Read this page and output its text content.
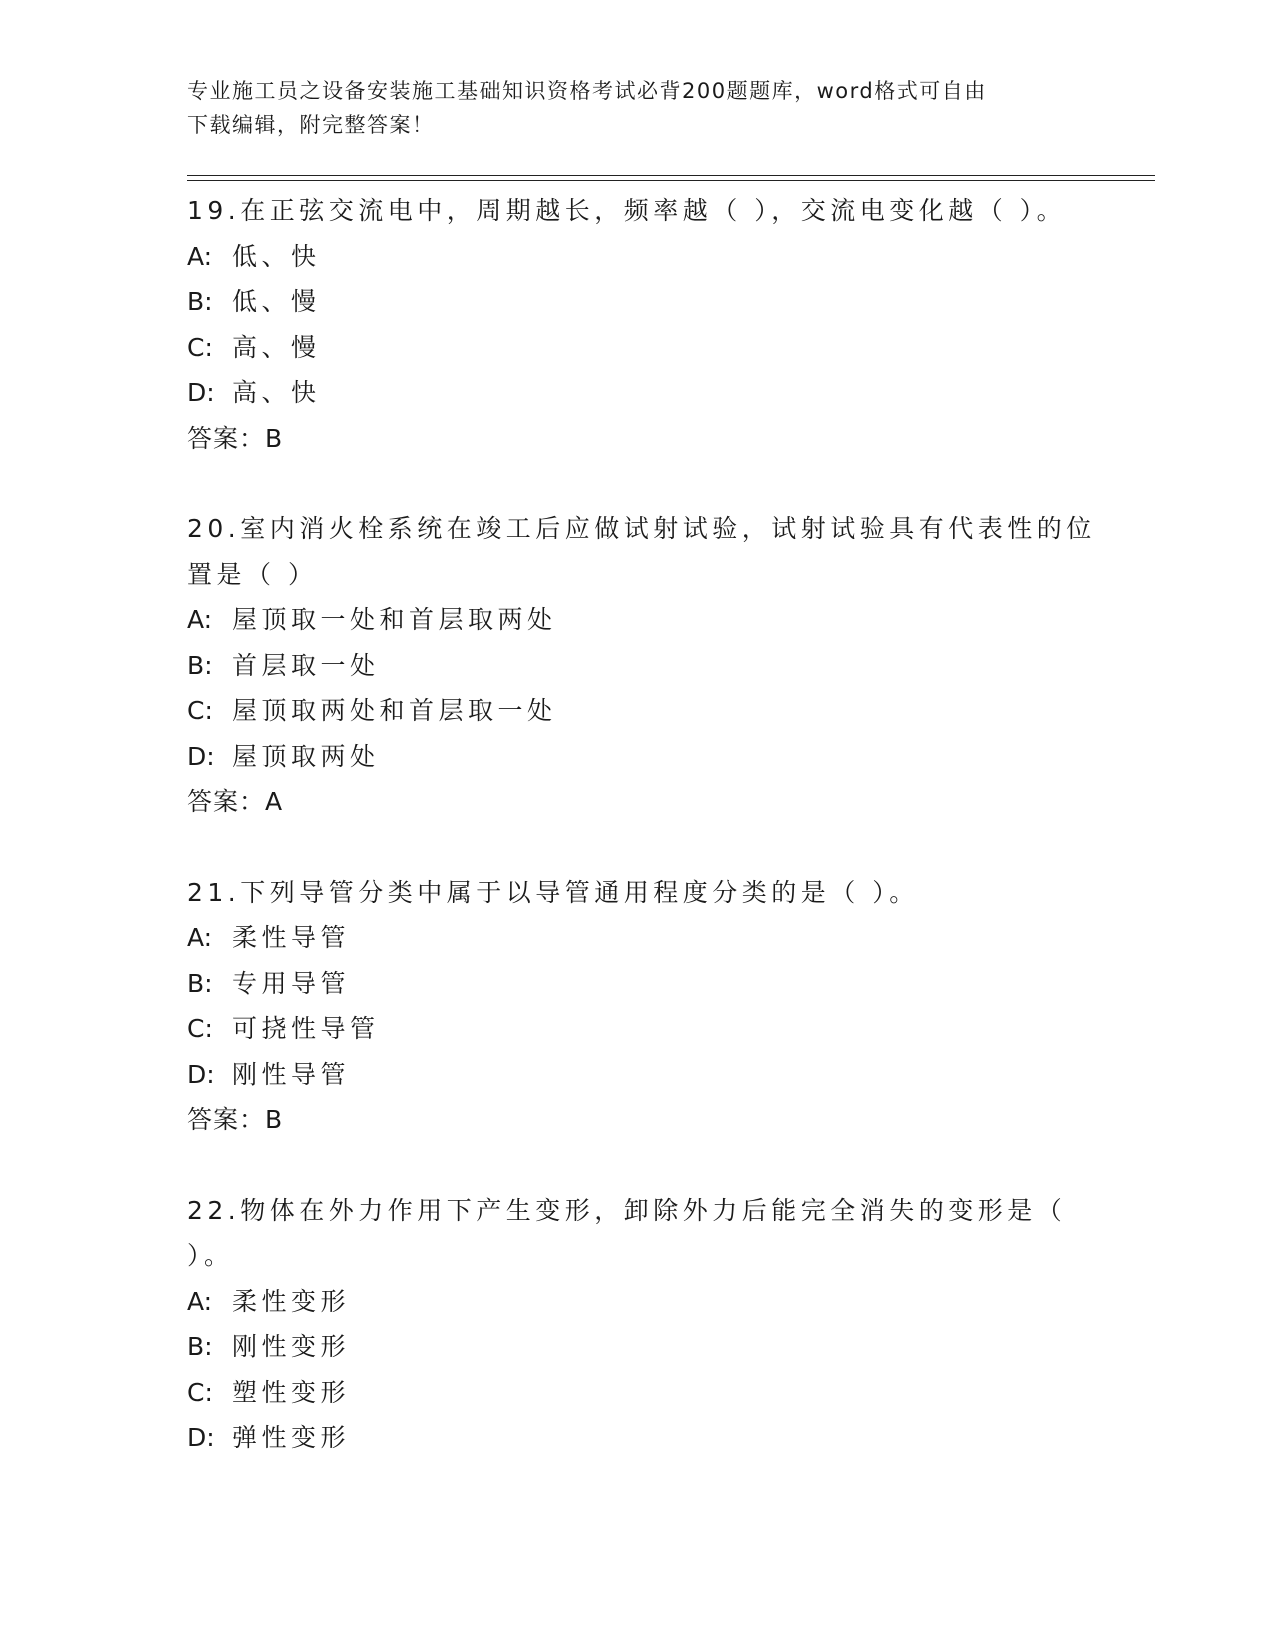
专业施工员之设备安装施工基础知识资格考试必背200题题库，word格式可自由
下载编辑，附完整答案！
19.在正弦交流电中，周期越长，频率越（ ），交流电变化越（ ）。
A: 低、快
B: 低、慢
C: 高、慢
D: 高、快
答案：B
20.室内消火栓系统在竣工后应做试射试验，试射试验具有代表性的位
置是（ ）
A: 屋顶取一处和首层取两处
B: 首层取一处
C: 屋顶取两处和首层取一处
D: 屋顶取两处
答案：A
21.下列导管分类中属于以导管通用程度分类的是（ ）。
A: 柔性导管
B: 专用导管
C: 可挠性导管
D: 刚性导管
答案：B
22.物体在外力作用下产生变形，卸除外力后能完全消失的变形是（
）。
A: 柔性变形
B: 刚性变形
C: 塑性变形
D: 弹性变形
